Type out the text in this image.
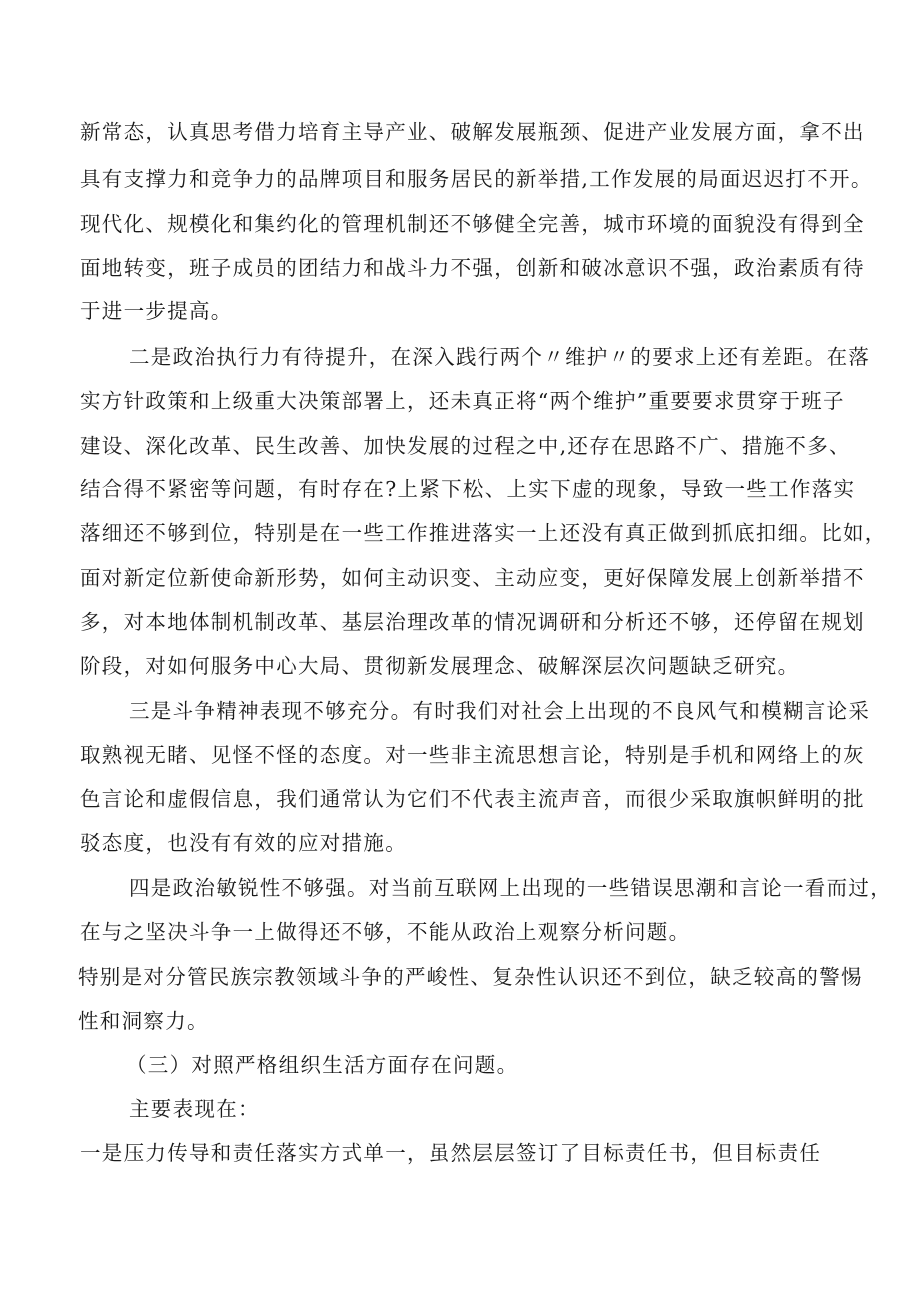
新常态，认真思考借力培育主导产业、破解发展瓶颈、促进产业发展方面，拿不出
具有支撑力和竞争力的品牌项目和服务居民的新举措,工作发展的局面迟迟打不开。
现代化、规模化和集约化的管理机制还不够健全完善，城市环境的面貌没有得到全
面地转变，班子成员的团结力和战斗力不强，创新和破冰意识不强，政治素质有待
于进一步提高。
二是政治执行力有待提升，在深入践行两个〃维护〃的要求上还有差距。在落
实方针政策和上级重大决策部署上，还未真正将“两个维护”重要要求贯穿于班子
建设、深化改革、民生改善、加快发展的过程之中,还存在思路不广、措施不多、
结合得不紧密等问题，有时存在?上紧下松、上实下虚的现象，导致一些工作落实
落细还不够到位，特别是在一些工作推进落实一上还没有真正做到抓底扣细。比如，
面对新定位新使命新形势，如何主动识变、主动应变，更好保障发展上创新举措不
多，对本地体制机制改革、基层治理改革的情况调研和分析还不够，还停留在规划
阶段，对如何服务中心大局、贯彻新发展理念、破解深层次问题缺乏研究。
三是斗争精神表现不够充分。有时我们对社会上出现的不良风气和模糊言论采
取熟视无睹、见怪不怪的态度。对一些非主流思想言论，特别是手机和网络上的灰
色言论和虚假信息，我们通常认为它们不代表主流声音，而很少采取旗帜鲜明的批
驳态度，也没有有效的应对措施。
四是政治敏锐性不够强。对当前互联网上出现的一些错误思潮和言论一看而过，
在与之坚决斗争一上做得还不够，不能从政治上观察分析问题。
特别是对分管民族宗教领域斗争的严峻性、复杂性认识还不到位，缺乏较高的警惕
性和洞察力。
（三）对照严格组织生活方面存在问题。
主要表现在：
一是压力传导和责任落实方式单一，虽然层层签订了目标责任书，但目标责任
